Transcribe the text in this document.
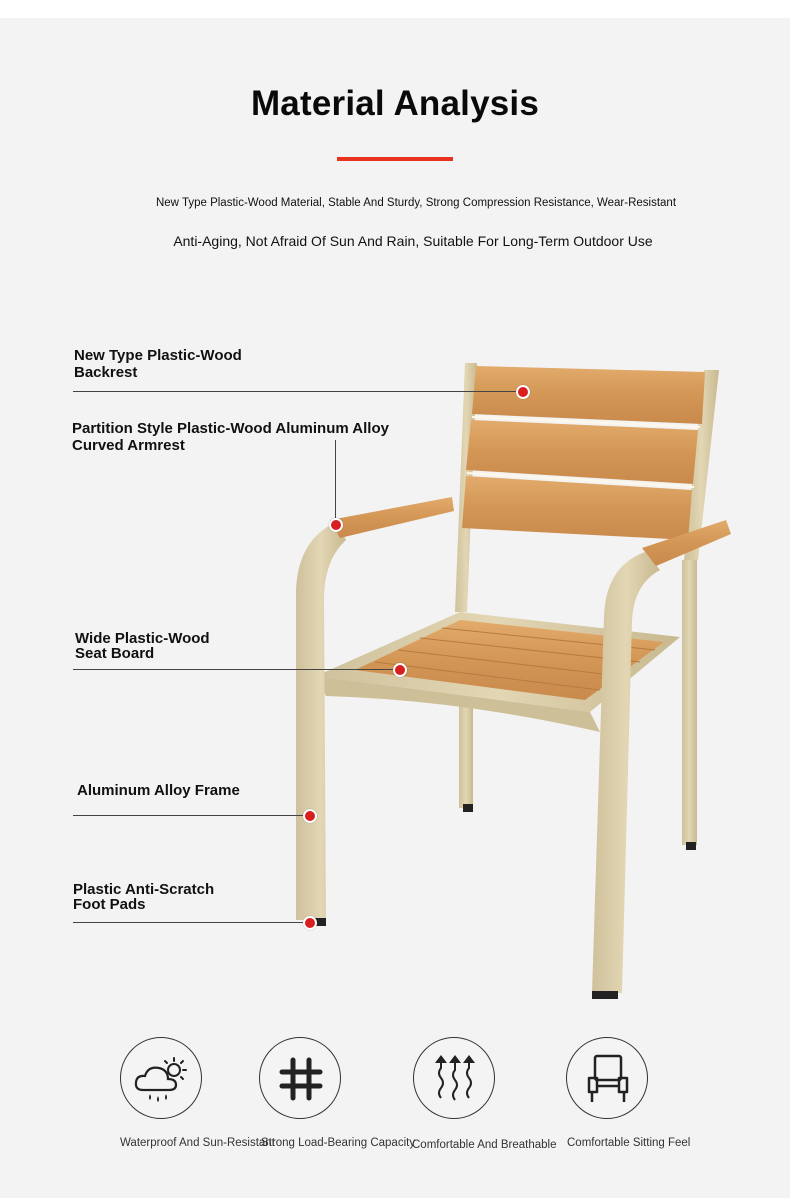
Material Analysis
New Type Plastic-Wood Material, Stable And Sturdy, Strong Compression Resistance, Wear-Resistant
Anti-Aging, Not Afraid Of Sun And Rain, Suitable For Long-Term Outdoor Use
New Type Plastic-Wood
Backrest
Partition Style Plastic-Wood Aluminum Alloy
Curved Armrest
Wide Plastic-Wood
Seat Board
Aluminum Alloy Frame
Plastic Anti-Scratch
Foot Pads
Waterproof And Sun-Resistant
Strong Load-Bearing Capacity
Comfortable And Breathable Comfortable Sitting Feel
